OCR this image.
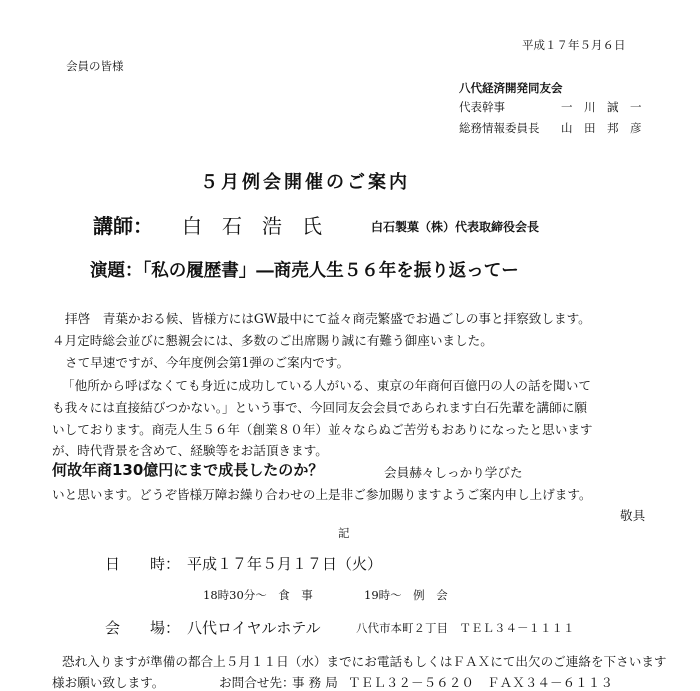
平成１７年５月６日
会員の皆様
八代経済開発同友会
代表幹事	一　川　誠　一
総務情報委員長 山　田　邦　彦
５月例会開催のご案内
講師： 白石浩氏 白石製菓（株）代表取締役会長
演題：「私の履歴書」―商売人生５６年を振り返ってー
拝啓　青葉かおる候、皆様方にはGW最中にて益々商売繁盛でお過ごしの事と拝察致します。
４月定時総会並びに懇親会には、多数のご出席賜り誠に有難う御座いました。
さて早速ですが、今年度例会第1弾のご案内です。
「他所から呼ばなくても身近に成功している人がいる、東京の年商何百億円の人の話を聞いて
も我々には直接結びつかない。」という事で、今回同友会会員であられます白石先輩を講師に願
いしております。商売人生５６年（創業８０年）並々ならぬご苦労もおありになったと思います
が、時代背景を含めて、経験等をお話頂きます。
何故年商130億円にまで成長したのか？	会員赫々しっかり学びた
いと思います。どうぞ皆様万障お繰り合わせの上是非ご参加賜りますようご案内申し上げます。
敬具
記
日　　時： 平成１７年５月１７日（火）
18時30分～　食　事	19時～　例　会
会　　場： 八代ロイヤルホテル	八代市本町２丁目　ＴＥＬ３４－１１１１
恐れ入りますが準備の都合上５月１１日（水）までにお電話もしくはＦＡＸにて出欠のご連絡を下さいます
様お願い致します。	お問合せ先：
事 務 局 ＴＥＬ３２－５６２０ ＦＡＸ３４－６１１３
